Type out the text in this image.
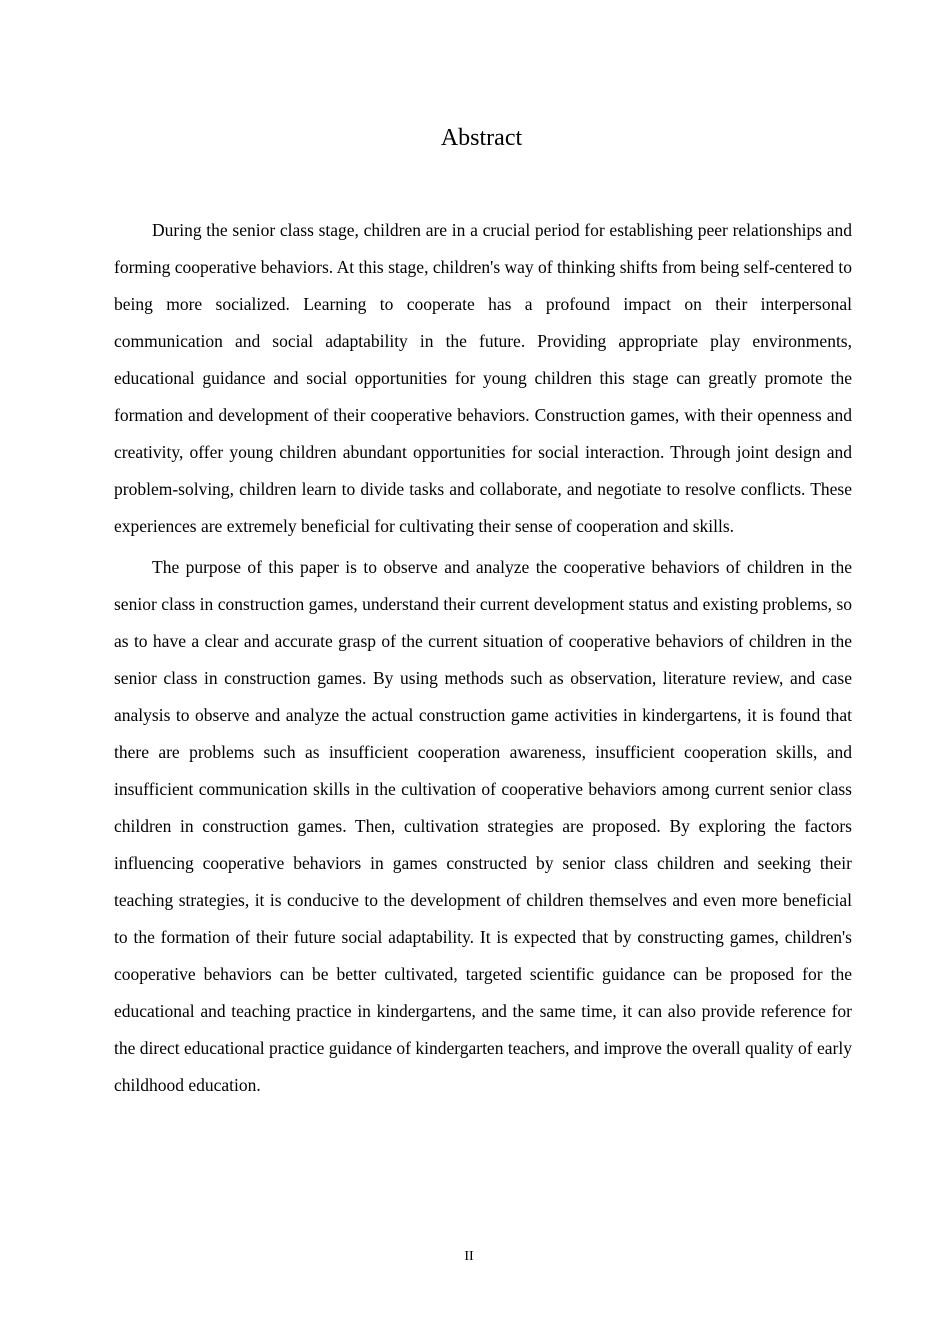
Abstract

During the senior class stage, children are in a crucial period for establishing peer relationships and forming cooperative behaviors. At this stage, children's way of thinking shifts from being self-centered to being more socialized. Learning to cooperate has a profound impact on their interpersonal communication and social adaptability in the future. Providing appropriate play environments, educational guidance and social opportunities for young children this stage can greatly promote the formation and development of their cooperative behaviors. Construction games, with their openness and creativity, offer young children abundant opportunities for social interaction. Through joint design and problem-solving, children learn to divide tasks and collaborate, and negotiate to resolve conflicts. These experiences are extremely beneficial for cultivating their sense of cooperation and skills.

The purpose of this paper is to observe and analyze the cooperative behaviors of children in the senior class in construction games, understand their current development status and existing problems, so as to have a clear and accurate grasp of the current situation of cooperative behaviors of children in the senior class in construction games. By using methods such as observation, literature review, and case analysis to observe and analyze the actual construction game activities in kindergartens, it is found that there are problems such as insufficient cooperation awareness, insufficient cooperation skills, and insufficient communication skills in the cultivation of cooperative behaviors among current senior class children in construction games. Then, cultivation strategies are proposed. By exploring the factors influencing cooperative behaviors in games constructed by senior class children and seeking their teaching strategies, it is conducive to the development of children themselves and even more beneficial to the formation of their future social adaptability. It is expected that by constructing games, children's cooperative behaviors can be better cultivated, targeted scientific guidance can be proposed for the educational and teaching practice in kindergartens, and the same time, it can also provide reference for the direct educational practice guidance of kindergarten teachers, and improve the overall quality of early childhood education.

II
